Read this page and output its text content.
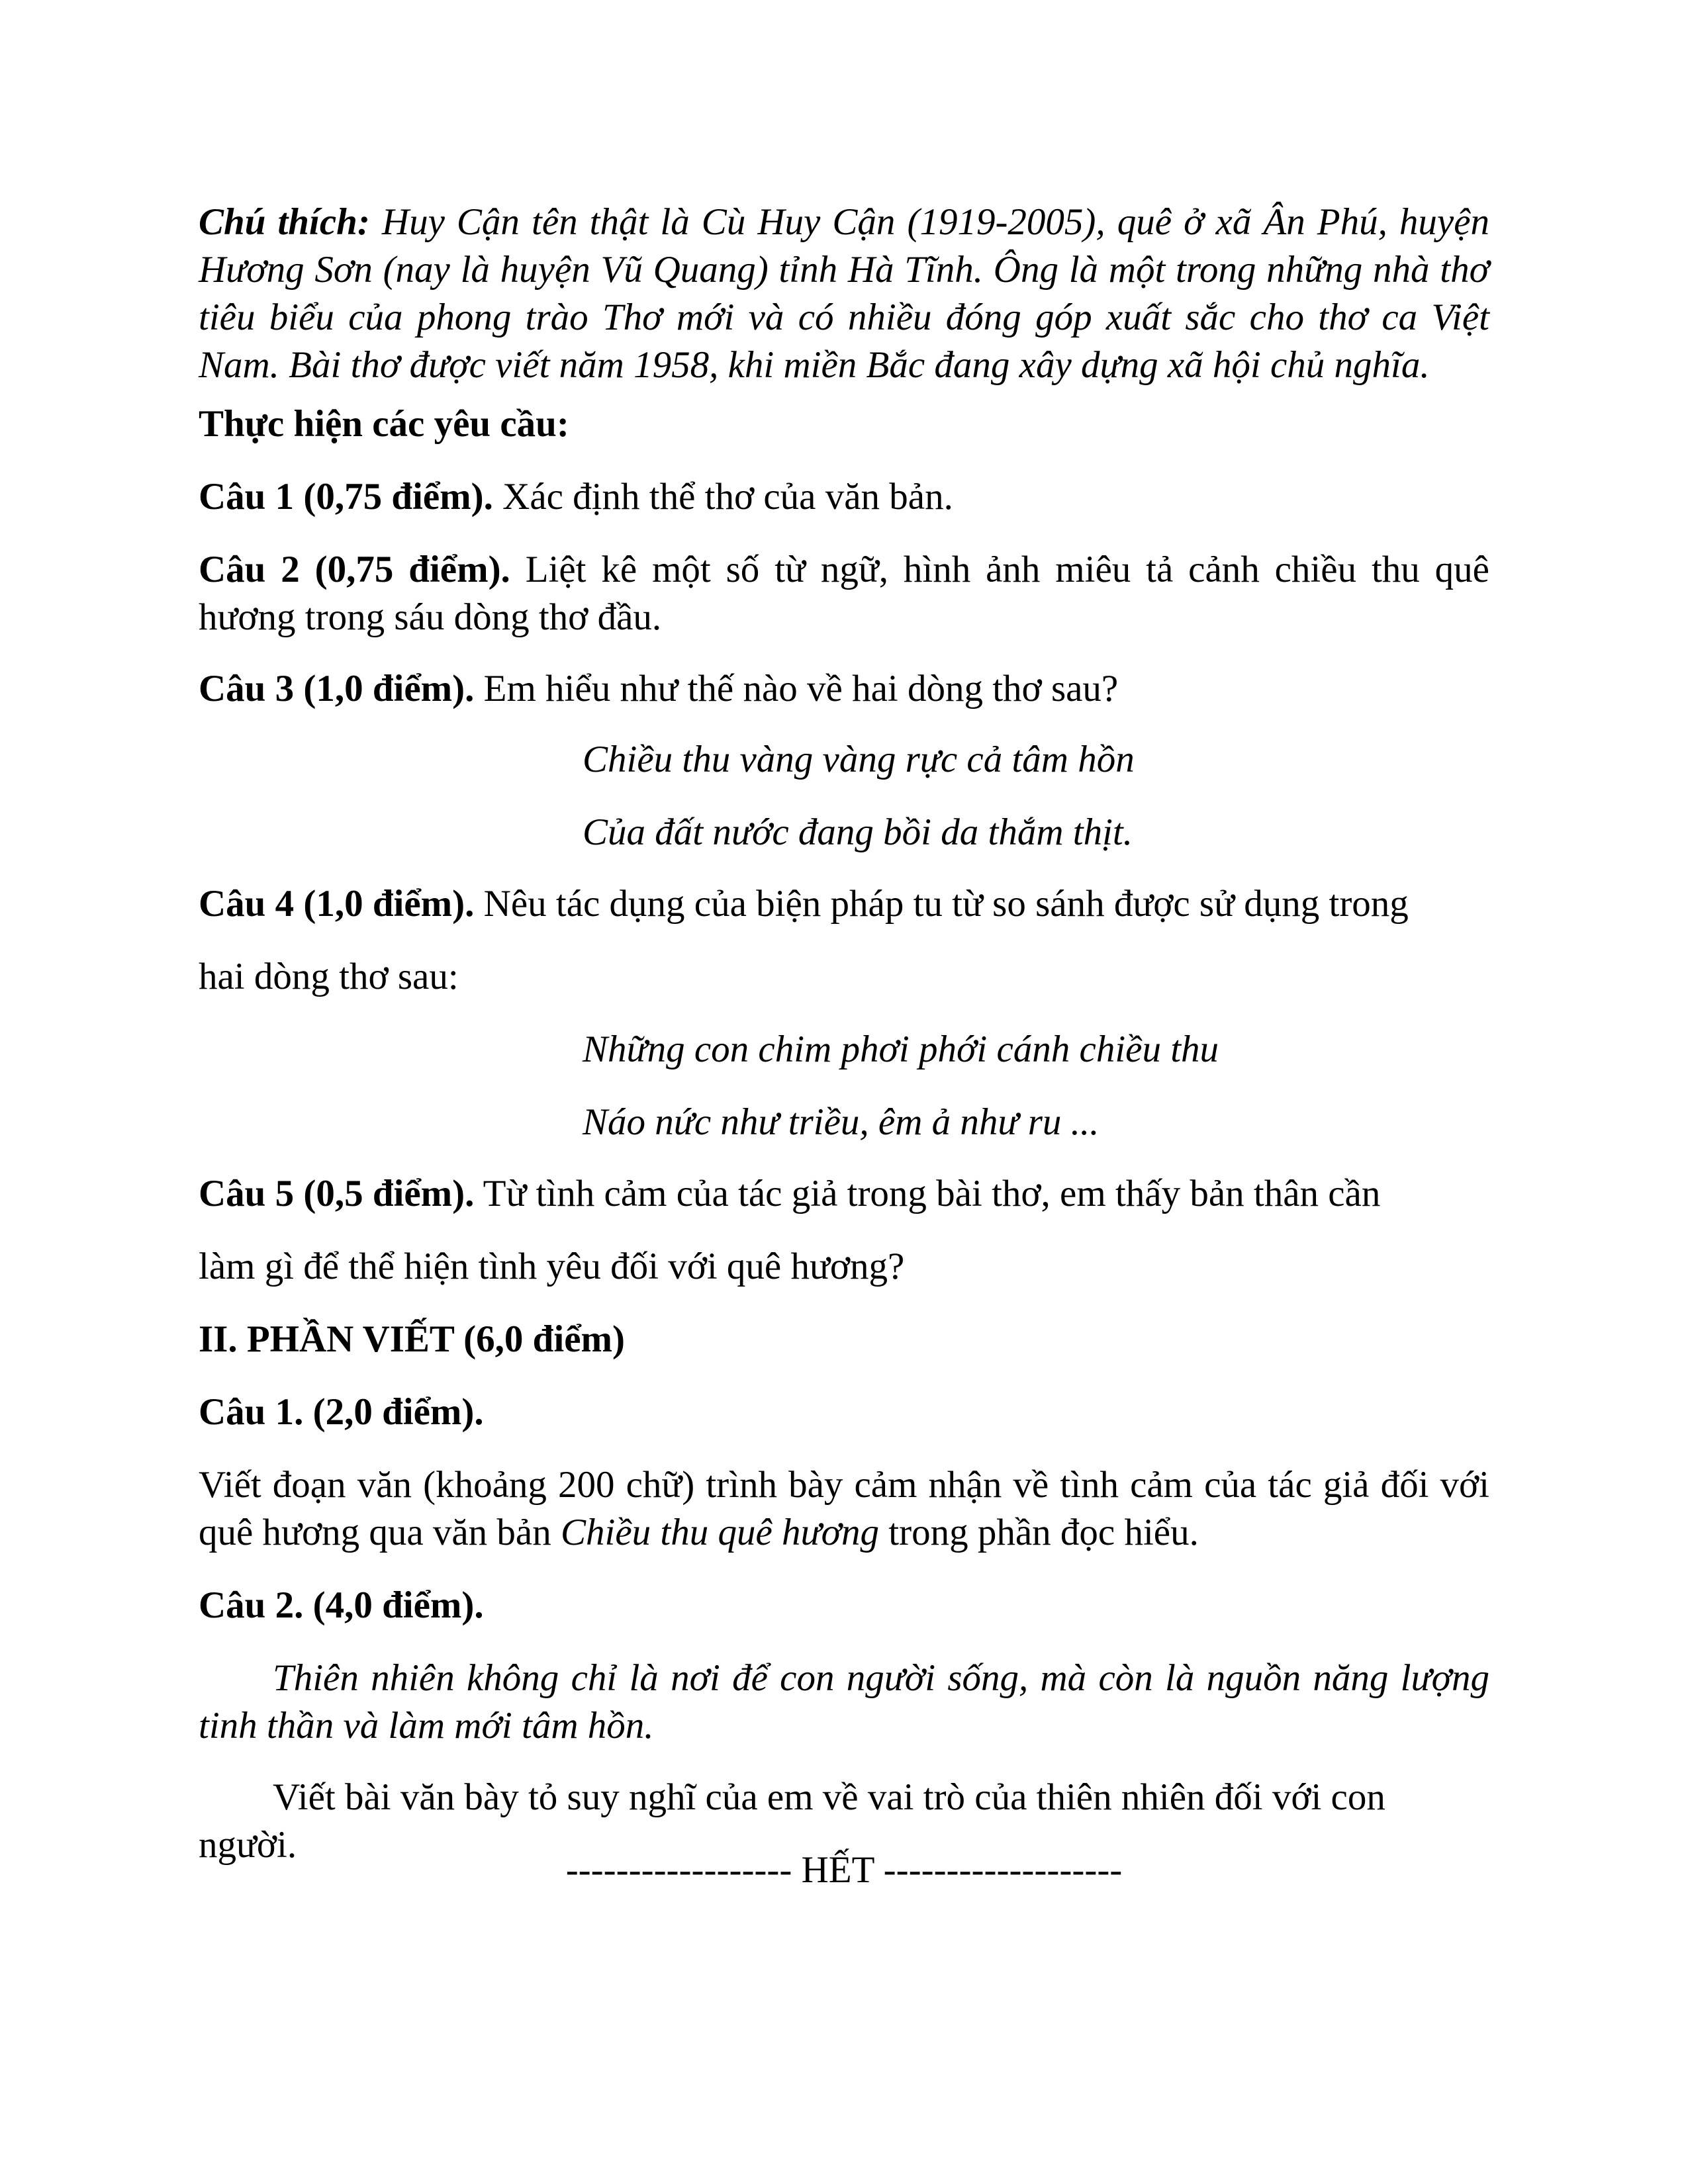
Chú thích: Huy Cận tên thật là Cù Huy Cận (1919-2005), quê ở xã Ân Phú, huyện Hương Sơn (nay là huyện Vũ Quang) tỉnh Hà Tĩnh. Ông là một trong những nhà thơ tiêu biểu của phong trào Thơ mới và có nhiều đóng góp xuất sắc cho thơ ca Việt Nam. Bài thơ được viết năm 1958, khi miền Bắc đang xây dựng xã hội chủ nghĩa.

Thực hiện các yêu cầu:

Câu 1 (0,75 điểm). Xác định thể thơ của văn bản.

Câu 2 (0,75 điểm). Liệt kê một số từ ngữ, hình ảnh miêu tả cảnh chiều thu quê hương trong sáu dòng thơ đầu.

Câu 3 (1,0 điểm). Em hiểu như thế nào về hai dòng thơ sau?

Chiều thu vàng vàng rực cả tâm hồn
Của đất nước đang bồi da thắm thịt.

Câu 4 (1,0 điểm). Nêu tác dụng của biện pháp tu từ so sánh được sử dụng trong

hai dòng thơ sau:

Những con chim phơi phới cánh chiều thu
Náo nức như triều, êm ả như ru ...

Câu 5 (0,5 điểm). Từ tình cảm của tác giả trong bài thơ, em thấy bản thân cần

làm gì để thể hiện tình yêu đối với quê hương?

II. PHẦN VIẾT (6,0 điểm)

Câu 1. (2,0 điểm).

Viết đoạn văn (khoảng 200 chữ) trình bày cảm nhận về tình cảm của tác giả đối với quê hương qua văn bản Chiều thu quê hương trong phần đọc hiểu.

Câu 2. (4,0 điểm).

Thiên nhiên không chỉ là nơi để con người sống, mà còn là nguồn năng lượng tinh thần và làm mới tâm hồn.

Viết bài văn bày tỏ suy nghĩ của em về vai trò của thiên nhiên đối với con người.

------------------ HẾT -------------------
